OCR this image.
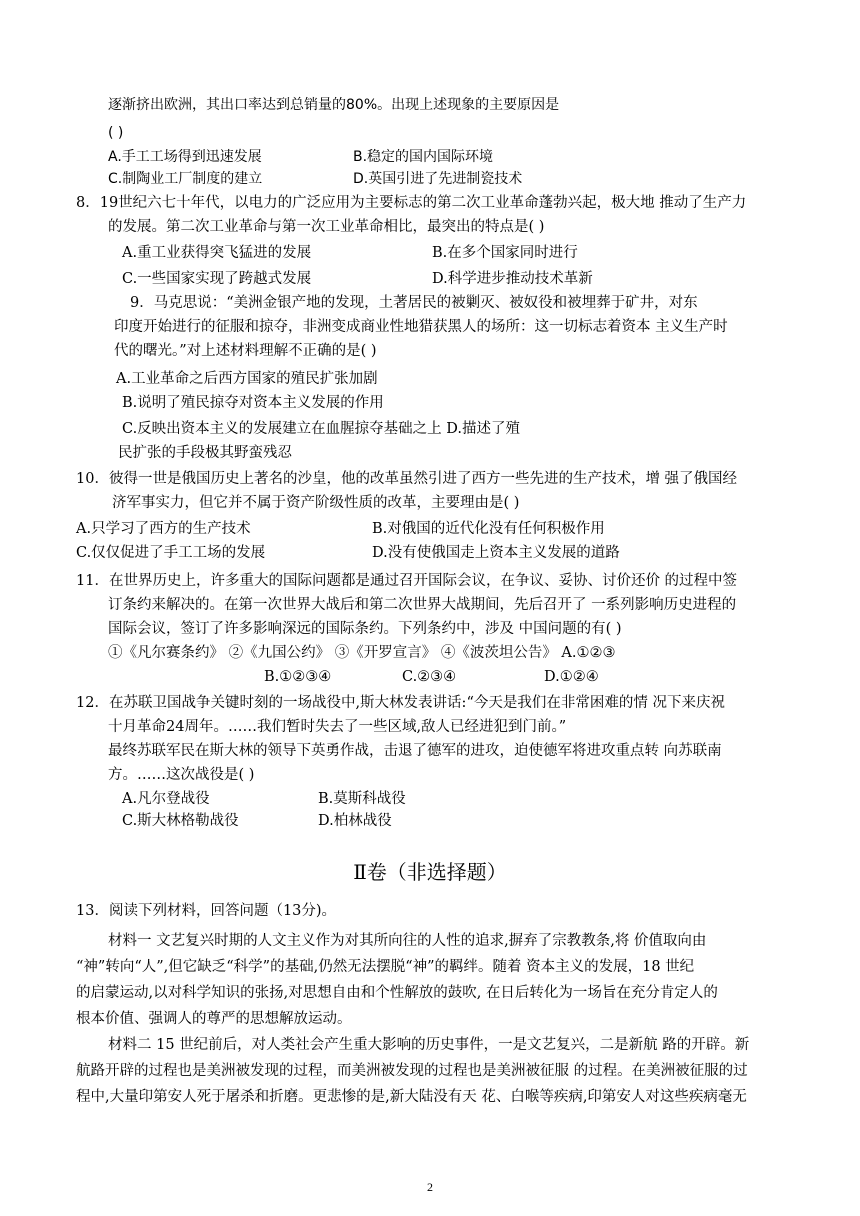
逐渐挤出欧洲，其出口率达到总销量的80%。出现上述现象的主要原因是
( )
A.手工工场得到迅速发展	B.稳定的国内国际环境
C.制陶业工厂制度的建立	D.英国引进了先进制瓷技术
8．19世纪六七十年代，以电力的广泛应用为主要标志的第二次工业革命蓬勃兴起，极大地 推动了生产力
的发展。第二次工业革命与第一次工业革命相比，最突出的特点是( )
A.重工业获得突飞猛进的发展	B.在多个国家同时进行
C.一些国家实现了跨越式发展	D.科学进步推动技术革新
9．马克思说：“美洲金银产地的发现，土著居民的被剿灭、被奴役和被埋葬于矿井，对东
印度开始进行的征服和掠夺，非洲变成商业性地猎获黑人的场所：这一切标志着资本 主义生产时
代的曙光。”对上述材料理解不正确的是( )
A.工业革命之后西方国家的殖民扩张加剧
B.说明了殖民掠夺对资本主义发展的作用
C.反映出资本主义的发展建立在血腥掠夺基础之上 D.描述了殖
民扩张的手段极其野蛮残忍
10．彼得一世是俄国历史上著名的沙皇，他的改革虽然引进了西方一些先进的生产技术，增 强了俄国经
济军事实力，但它并不属于资产阶级性质的改革，主要理由是( )
A.只学习了西方的生产技术	B.对俄国的近代化没有任何积极作用
C.仅仅促进了手工工场的发展	D.没有使俄国走上资本主义发展的道路
11．在世界历史上，许多重大的国际问题都是通过召开国际会议，在争议、妥协、讨价还价 的过程中签
订条约来解决的。在第一次世界大战后和第二次世界大战期间，先后召开了 一系列影响历史进程的
国际会议，签订了许多影响深远的国际条约。下列条约中，涉及 中国问题的有( )
①《凡尔赛条约》 ②《九国公约》 ③《开罗宣言》 ④《波茨坦公告》 A.①②③
B.①②③④	C.②③④	D.①②④
12．在苏联卫国战争关键时刻的一场战役中,斯大林发表讲话:“今天是我们在非常困难的情 况下来庆祝
十月革命24周年。……我们暂时失去了一些区域,敌人已经进犯到门前。”
最终苏联军民在斯大林的领导下英勇作战，击退了德军的进攻，迫使德军将进攻重点转 向苏联南
方。……这次战役是( )
A.凡尔登战役	B.莫斯科战役
C.斯大林格勒战役	D.柏林战役
Ⅱ卷（非选择题）
13．阅读下列材料，回答问题（13分)。
材料一 文艺复兴时期的人文主义作为对其所向往的人性的追求,摒弃了宗教教条,将 价值取向由
“神”转向“人”,但它缺乏“科学”的基础,仍然无法摆脱“神”的羁绊。随着 资本主义的发展，18 世纪
的启蒙运动,以对科学知识的张扬,对思想自由和个性解放的鼓吹, 在日后转化为一场旨在充分肯定人的
根本价值、强调人的尊严的思想解放运动。
材料二 15 世纪前后，对人类社会产生重大影响的历史事件，一是文艺复兴，二是新航 路的开辟。新
航路开辟的过程也是美洲被发现的过程，而美洲被发现的过程也是美洲被征服 的过程。在美洲被征服的过
程中,大量印第安人死于屠杀和折磨。更悲惨的是,新大陆没有天 花、白喉等疾病,印第安人对这些疾病毫无
2
